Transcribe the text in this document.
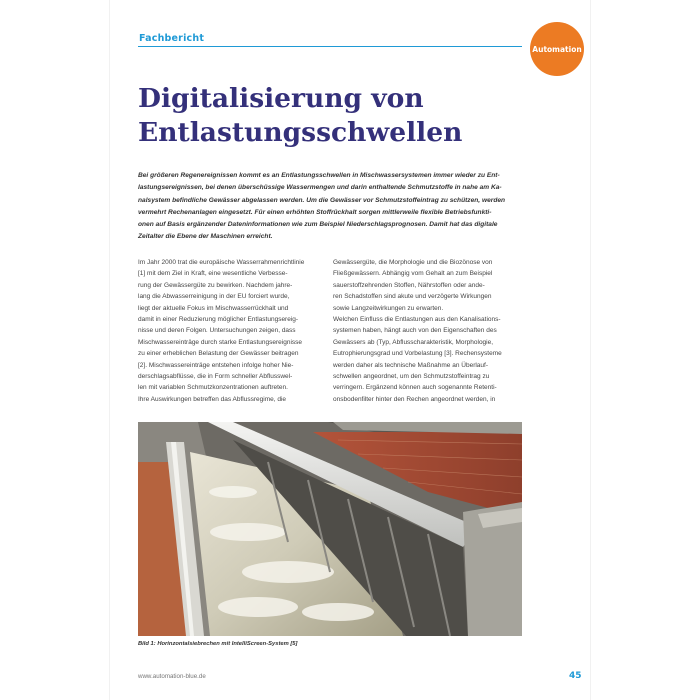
Fachbericht
Automation
Digitalisierung von
Entlastungsschwellen
Bei größeren Regenereignissen kommt es an Entlastungsschwellen in Mischwassersystemen immer wieder zu Ent-
lastungsereignissen, bei denen überschüssige Wassermengen und darin enthaltende Schmutzstoffe in nahe am Ka-
nalsystem befindliche Gewässer abgelassen werden. Um die Gewässer vor Schmutzstoffeintrag zu schützen, werden
vermehrt Rechenanlagen eingesetzt. Für einen erhöhten Stoffrückhalt sorgen mittlerweile flexible Betriebsfunkti-
onen auf Basis ergänzender Dateninformationen wie zum Beispiel Niederschlagsprognosen. Damit hat das digitale
Zeitalter die Ebene der Maschinen erreicht.
Im Jahr 2000 trat die europäische Wasserrahmenrichtlinie
[1] mit dem Ziel in Kraft, eine wesentliche Verbesse-
rung der Gewässergüte zu bewirken. Nachdem jahre-
lang die Abwasserreinigung in der EU forciert wurde,
liegt der aktuelle Fokus im Mischwasserrückhalt und
damit in einer Reduzierung möglicher Entlastungsereig-
nisse und deren Folgen. Untersuchungen zeigen, dass
Mischwassereinträge durch starke Entlastungsereignisse
zu einer erheblichen Belastung der Gewässer beitragen
[2]. Mischwassereinträge entstehen infolge hoher Nie-
derschlagsabflüsse, die in Form schneller Abflusswel-
len mit variablen Schmutzkonzentrationen auftreten.
Ihre Auswirkungen betreffen das Abflussregime, die
Gewässergüte, die Morphologie und die Biozönose von
Fließgewässern. Abhängig vom Gehalt an zum Beispiel
sauerstoffzehrenden Stoffen, Nährstoffen oder ande-
ren Schadstoffen sind akute und verzögerte Wirkungen
sowie Langzeitwirkungen zu erwarten.
Welchen Einfluss die Entlastungen aus den Kanalisations-
systemen haben, hängt auch von den Eigenschaften des
Gewässers ab (Typ, Abflusscharakteristik, Morphologie,
Eutrophierungsgrad und Vorbelastung [3]. Rechensysteme
werden daher als technische Maßnahme an Überlauf-
schwellen angeordnet, um den Schmutzstoffeintrag zu
verringern. Ergänzend können auch sogenannte Retenti-
onsbodenfilter hinter den Rechen angeordnet werden, in
Bild 1: Horinzontalsiebrechen mit IntelliScreen-System [5]
www.automation-blue.de	45
